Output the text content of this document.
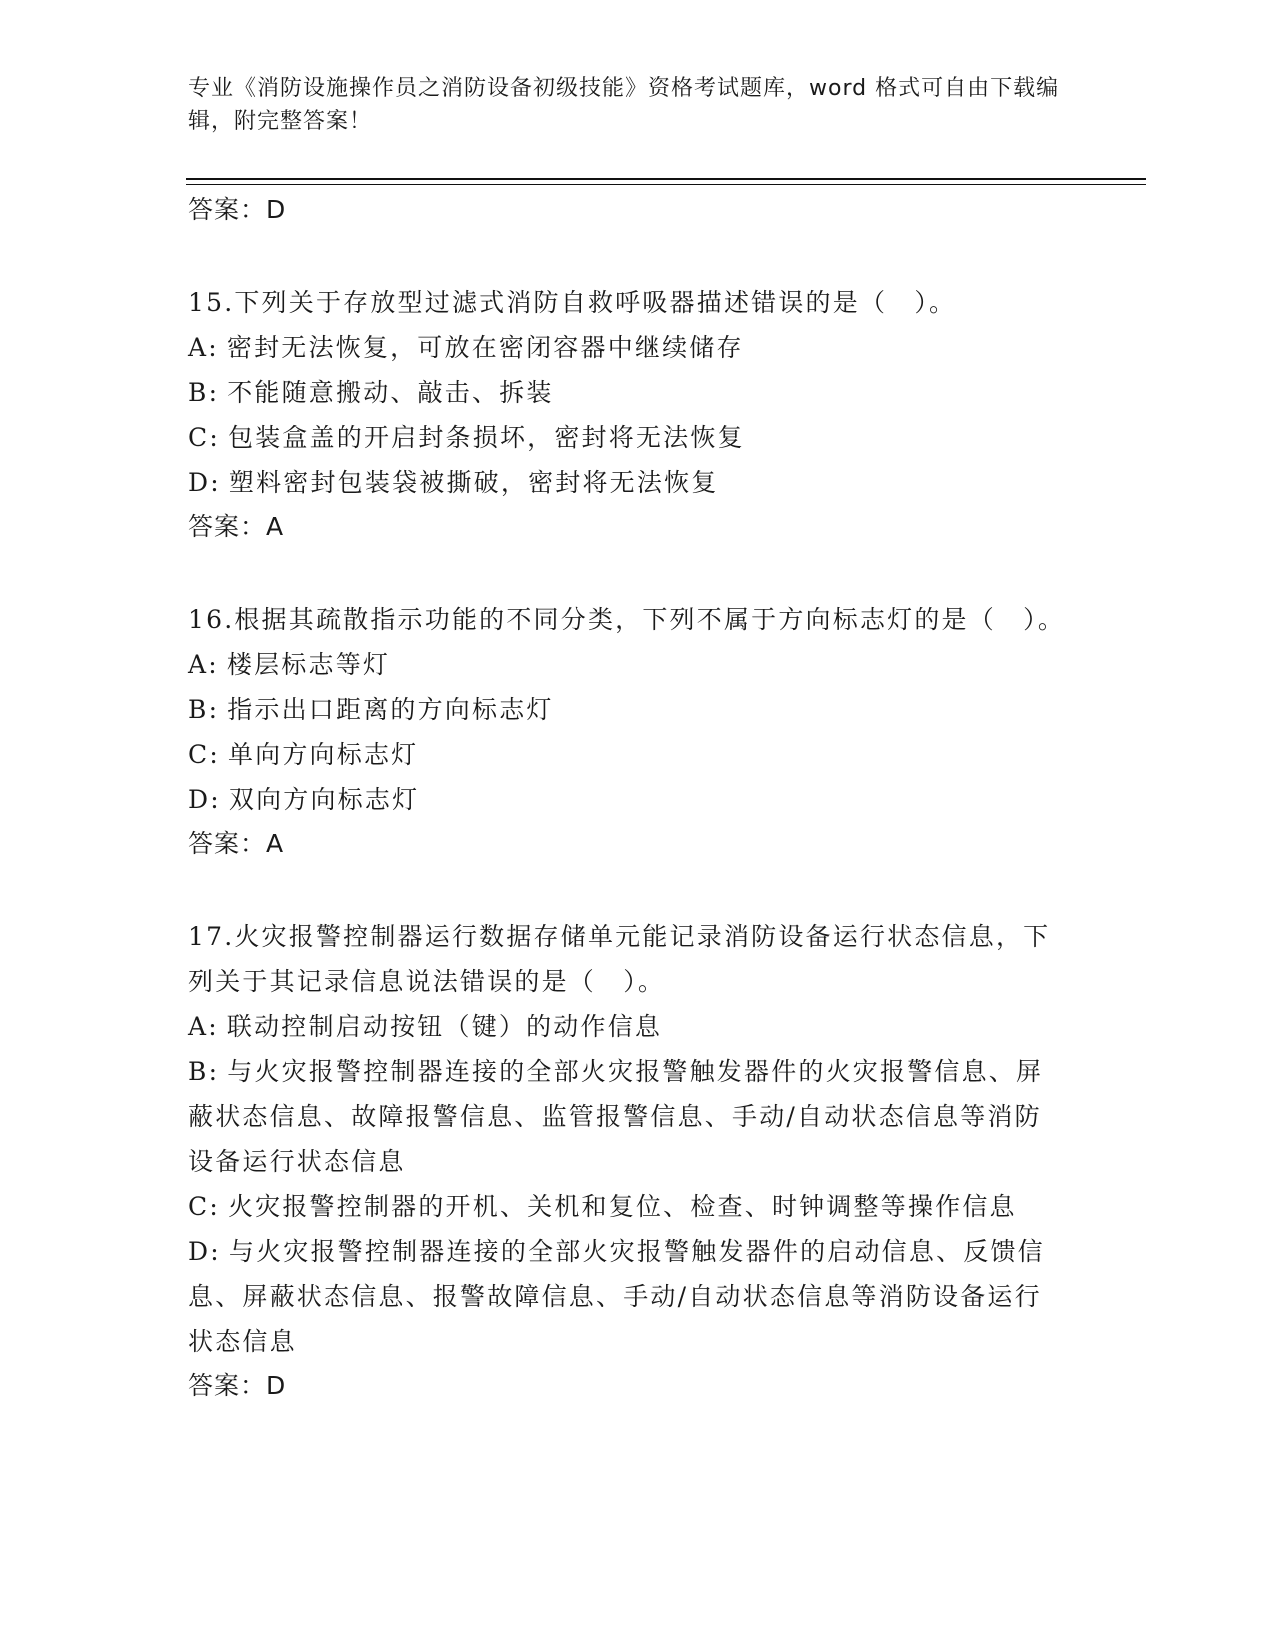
专业《消防设施操作员之消防设备初级技能》资格考试题库，word 格式可自由下载编辑，附完整答案！

答案：D

15.下列关于存放型过滤式消防自救呼吸器描述错误的是（　）。

A: 密封无法恢复，可放在密闭容器中继续储存

B: 不能随意搬动、敲击、拆装

C: 包装盒盖的开启封条损坏，密封将无法恢复

D: 塑料密封包装袋被撕破，密封将无法恢复

答案：A

16.根据其疏散指示功能的不同分类，下列不属于方向标志灯的是（　）。

A: 楼层标志等灯

B: 指示出口距离的方向标志灯

C: 单向方向标志灯

D: 双向方向标志灯

答案：A

17.火灾报警控制器运行数据存储单元能记录消防设备运行状态信息，下列关于其记录信息说法错误的是（　）。

A: 联动控制启动按钮（键）的动作信息

B: 与火灾报警控制器连接的全部火灾报警触发器件的火灾报警信息、屏蔽状态信息、故障报警信息、监管报警信息、手动/自动状态信息等消防设备运行状态信息

C: 火灾报警控制器的开机、关机和复位、检查、时钟调整等操作信息

D: 与火灾报警控制器连接的全部火灾报警触发器件的启动信息、反馈信息、屏蔽状态信息、报警故障信息、手动/自动状态信息等消防设备运行状态信息

答案：D
